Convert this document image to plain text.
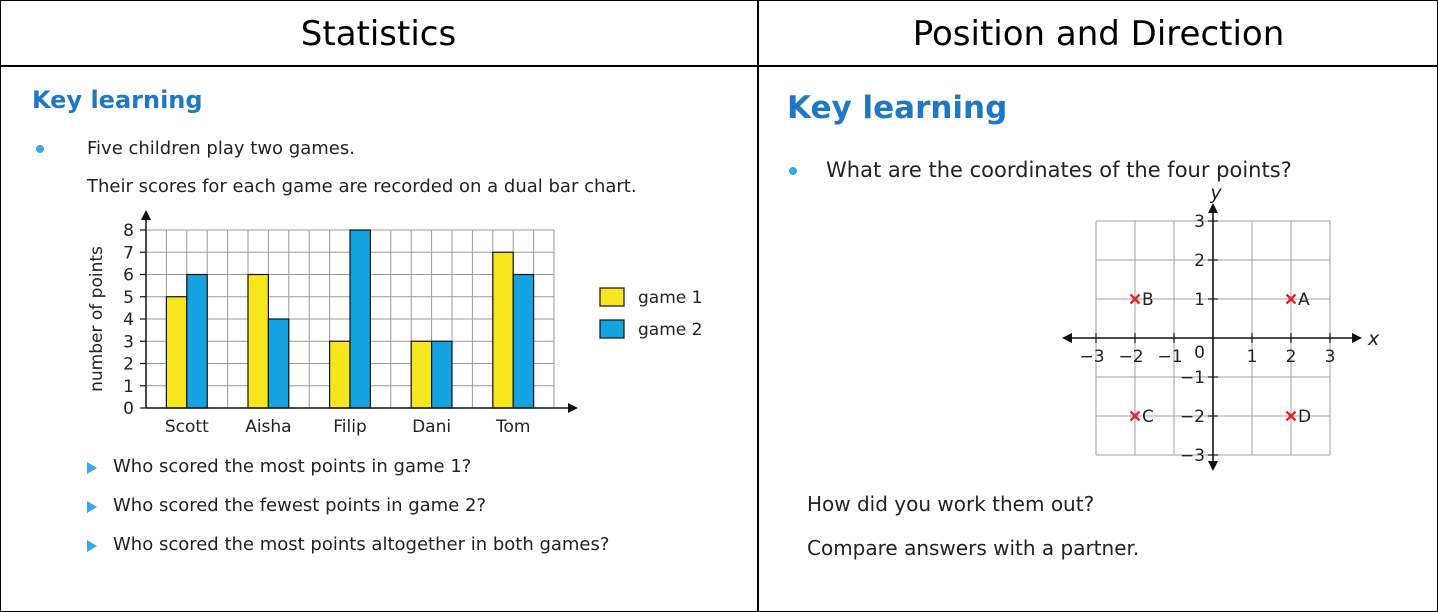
Statistics	Position and Direction
Key learning
Five children play two games.
Their scores for each game are recorded on a dual bar chart.
Scott Aisha Filip	Dani	Tom
0
1
2
3
4
5
6
7
8
number of points	game 1
game 2
Who scored the most points in game 1?
Who scored the fewest points in game 2?
Who scored the most points altogether in both games?
Key learning
What are the coordinates of the four points?
−3 −2 −1	1 2 3
−3
−2
−1
1
2
3
0
x
y
A
B
C	D
How did you work them out?
Compare answers with a partner.
